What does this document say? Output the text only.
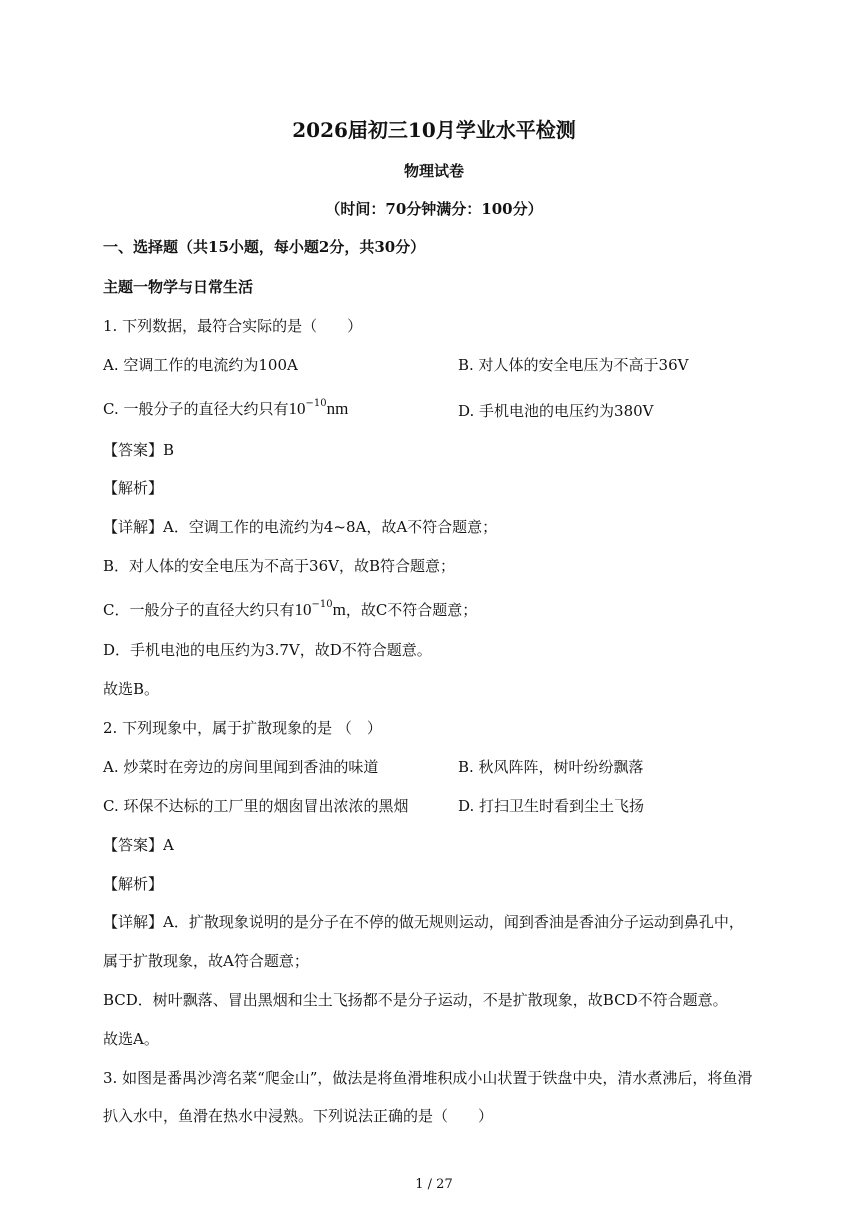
2026届初三10月学业水平检测
物理试卷
（时间：70分钟满分：100分）
一、选择题（共15小题，每小题2分，共30分）
主题一物学与日常生活
1. 下列数据，最符合实际的是（　　）
A. 空调工作的电流约为100A	B. 对人体的安全电压为不高于36V
C. 一般分子的直径大约只有$10^{-10}nm$	D. 手机电池的电压约为380V
【答案】B
【解析】
【详解】A．空调工作的电流约为4~8A，故A不符合题意；
B．对人体的安全电压为不高于36V，故B符合题意；
C．一般分子的直径大约只有$10^{-10}m$，故C不符合题意；
D．手机电池的电压约为3.7V，故D不符合题意。
故选B。
2. 下列现象中，属于扩散现象的是 （　）
A. 炒菜时在旁边的房间里闻到香油的味道	B. 秋风阵阵，树叶纷纷飘落
C. 环保不达标的工厂里的烟囱冒出浓浓的黑烟	D. 打扫卫生时看到尘土飞扬
【答案】A
【解析】
【详解】A．扩散现象说明的是分子在不停的做无规则运动，闻到香油是香油分子运动到鼻孔中，
属于扩散现象，故A符合题意；
BCD．树叶飘落、冒出黑烟和尘土飞扬都不是分子运动，不是扩散现象，故BCD不符合题意。
故选A。
3. 如图是番禺沙湾名菜“爬金山”，做法是将鱼滑堆积成小山状置于铁盘中央，清水煮沸后，将鱼滑
扒入水中，鱼滑在热水中浸熟。下列说法正确的是（　　）
1 / 27
